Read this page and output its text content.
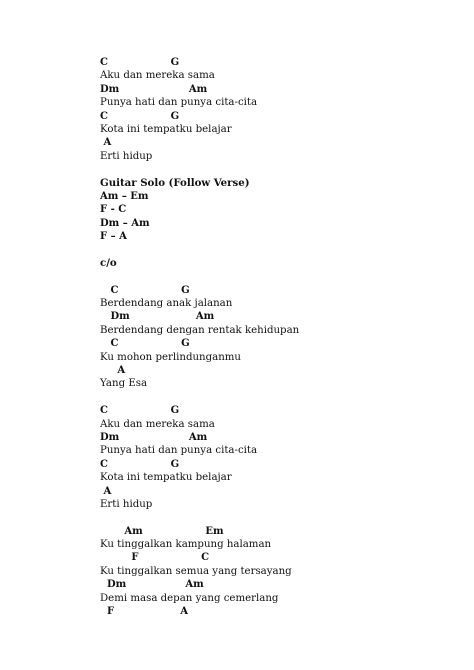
C                  G
Aku dan mereka sama
Dm                    Am
Punya hati dan punya cita-cita
C                  G
Kota ini tempatku belajar
A
Erti hidup
Guitar Solo (Follow Verse)
Am – Em
F - C
Dm – Am
F – A
c/o
C                  G
Berdendang anak jalanan
Dm                   Am
Berdendang dengan rentak kehidupan
C                  G
Ku mohon perlindunganmu
A
Yang Esa
C                  G
Aku dan mereka sama
Dm                    Am
Punya hati dan punya cita-cita
C                  G
Kota ini tempatku belajar
A
Erti hidup
Am                  Em
Ku tinggalkan kampung halaman
F                  C
Ku tinggalkan semua yang tersayang
Dm                 Am
Demi masa depan yang cemerlang
F                   A
